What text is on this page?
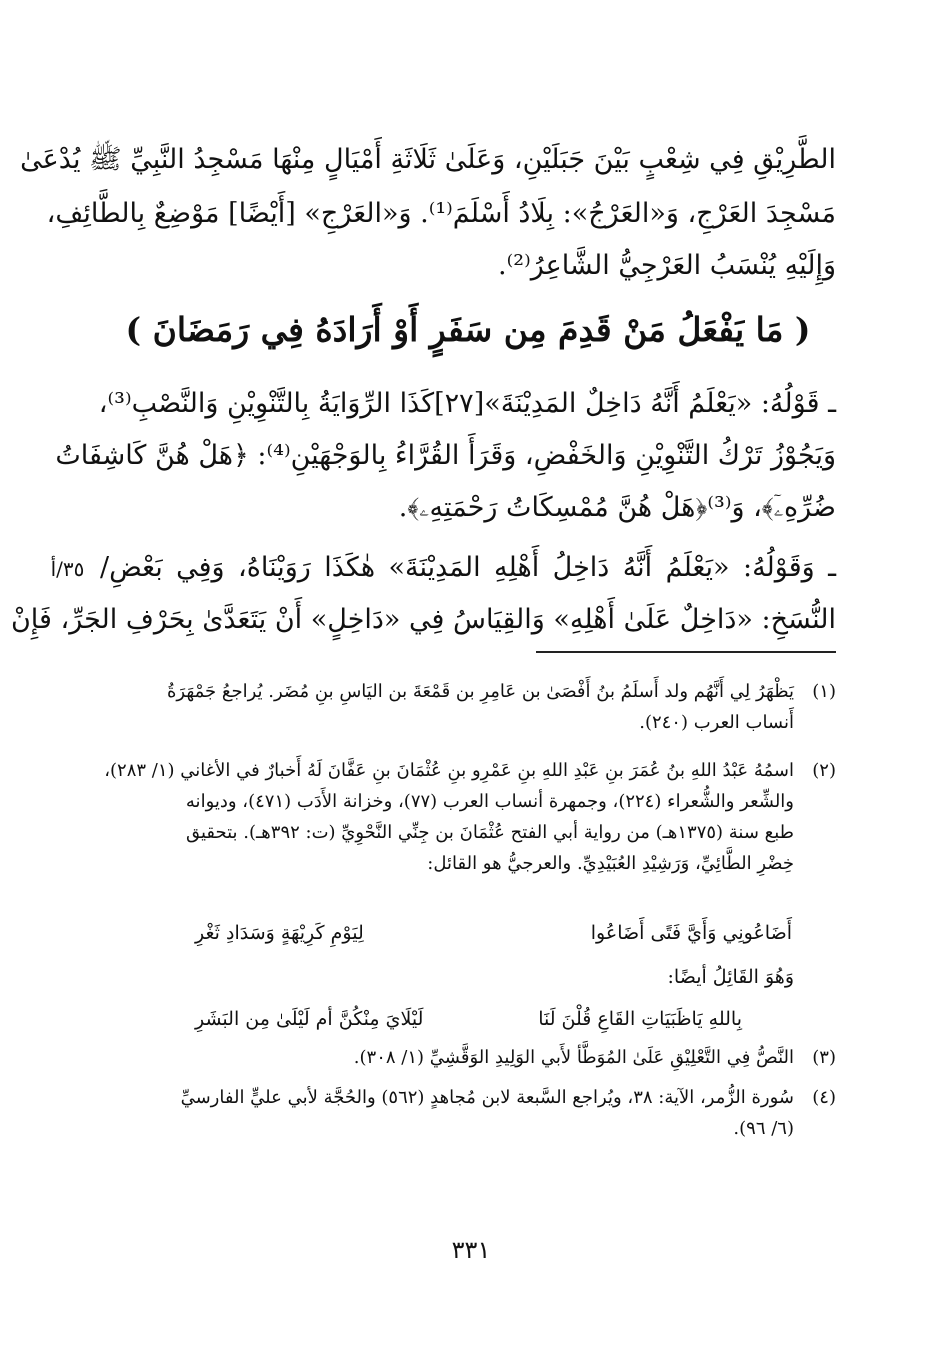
الطَّرِيْقِ فِي شِعْبٍ بَيْنَ جَبَلَيْنِ، وَعَلَىٰ ثَلَاثَةِ أَمْيَالٍ مِنْهَا مَسْجِدُ النَّبِيِّ ﷺ يُدْعَىٰ
مَسْجِدَ العَرْجِ، وَ«العَرْجُ»: بِلَادُ أَسْلَمَ⁽¹⁾. وَ«العَرْجِ» [أَيْضًا] مَوْضِعٌ بِالطَّائِفِ،
وَإِلَيْهِ يُنْسَبُ العَرْجِيُّ الشَّاعِرُ⁽²⁾.
( مَا يَفْعَلُ مَنْ قَدِمَ مِن سَفَرٍ أَوْ أَرَادَهُ فِي رَمَضَانَ )
ـ قَوْلُهُ: «يَعْلَمُ أَنَّهُ دَاخِلٌ المَدِيْنَةَ»[٢٧]كَذَا الرِّوَايَةُ بِالتَّنْوِيْنِ وَالنَّصْبِ⁽³⁾،
وَيَجُوْزُ تَرْكُ التَّنْوِيْنِ وَالخَفْضِ، وَقَرَأَ القُرَّاءُ بِالوَجْهَيْنِ⁽⁴⁾: ﴿هَلْ هُنَّ كَاشِفَاتُ
ضُرِّهِۦٓ﴾، وَ⁽³⁾﴿هَلْ هُنَّ مُمْسِكَاتُ رَحْمَتِهِۦ﴾.
ـ وَقَوْلُهُ: «يَعْلَمُ أَنَّهُ دَاخِلُ أَهْلِهِ المَدِيْنَةَ» هٰكَذَا رَوَيْنَاهُ، وَفِي بَعْضِ/
النُّسَخِ: «دَاخِلٌ عَلَىٰ أَهْلِهِ» وَالقِيَاسُ فِي «دَاخِلٍ» أَنْ يَتَعَدَّىٰ بِحَرْفِ الجَرِّ، فَإِنْ
٣٥/أ
(١)
يَظْهَرُ لِي أَنَّهُم ولد أَسلَمُ بنُ أَفْصَىٰ بن عَامِرِ بن قَمْعَةَ بن اليَاسِ بنِ مُضَر. يُراجعُ جَمْهَرَةُ
أَنساب العرب (٢٤٠).
(٢)
اسمُهُ عَبْدُ اللهِ بنُ عُمَرَ بنِ عَبْدِ اللهِ بنِ عَمْرِو بنِ عُثْمَانَ بنِ عَفَّانَ لَهُ أَخبارٌ في الأغاني (١/ ٢٨٣)،
والشِّعر والشُّعراء (٢٢٤)، وجمهرة أنساب العرب (٧٧)، وخزانة الأَدَب (٤٧١)، وديوانه
طبع سنة (١٣٧٥هـ) من رواية أبي الفتح عُثْمَانَ بن جِنِّي النَّحْوِيِّ (ت: ٣٩٢هـ). بتحقيق
خِضْرِ الطَّائِيِّ، وَرَشِيْدِ العُبَيْدِيِّ. والعرجيُّ هو القائل:
أَضَاعُونِي وَأَيَّ فَتًى أَضَاعُوا
لِيَوْمِ كَرِيْهَةٍ وَسَدَادِ ثَغْرِ
وَهُوَ القَائِلُ أيضًا:
بِاللهِ يَاظَبَيَاتِ القَاعِ قُلْنَ لَنَا
لَيْلَايَ مِنْكُنَّ أم لَيْلَىٰ مِن البَشَرِ
(٣)
النَّصُّ فِي التَّعْلِيْقِ عَلَىٰ المُوَطَّأ لأَبي الوَلِيدِ الوَقَّشِيِّ (١/ ٣٠٨).
(٤)
سُورة الزُّمر، الآية: ٣٨، ويُراجع السَّبعة لابن مُجاهدٍ (٥٦٢) والحُجَّة لأبي عليٍّ الفارسيِّ
(٦/ ٩٦).
٣٣١
